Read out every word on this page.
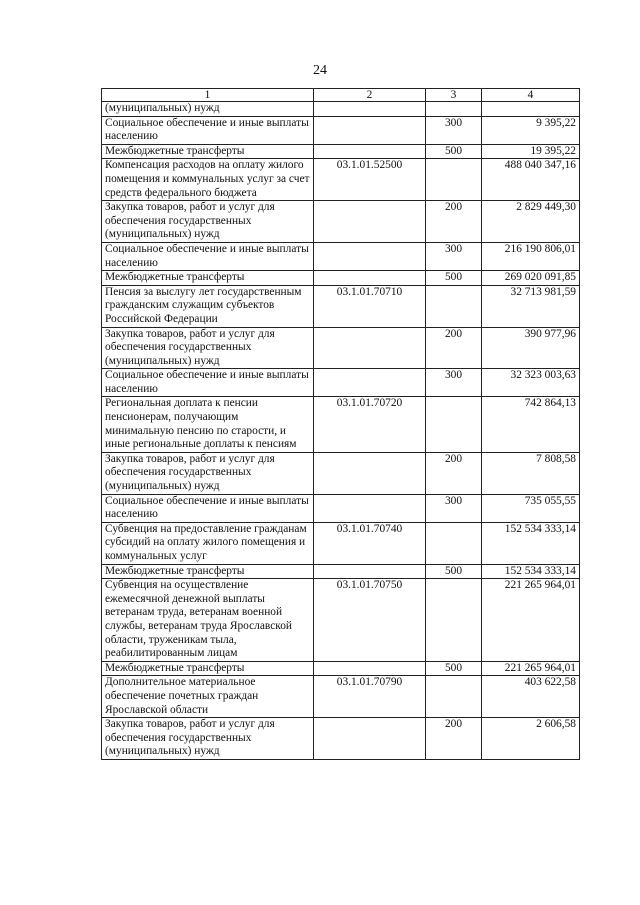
24
1	2	3	4
(муниципальных) нужд			
Социальное обеспечение и иные выплаты населению		300	9 395,22
Межбюджетные трансферты		500	19 395,22
Компенсация расходов на оплату жилого помещения и коммунальных услуг за счет средств федерального бюджета	03.1.01.52500		488 040 347,16
Закупка товаров, работ и услуг для обеспечения государственных (муниципальных) нужд		200	2 829 449,30
Социальное обеспечение и иные выплаты населению		300	216 190 806,01
Межбюджетные трансферты		500	269 020 091,85
Пенсия за выслугу лет государственным гражданским служащим субъектов Российской Федерации	03.1.01.70710		32 713 981,59
Закупка товаров, работ и услуг для обеспечения государственных (муниципальных) нужд		200	390 977,96
Социальное обеспечение и иные выплаты населению		300	32 323 003,63
Региональная доплата к пенсии пенсионерам, получающим минимальную пенсию по старости, и иные региональные доплаты к пенсиям	03.1.01.70720		742 864,13
Закупка товаров, работ и услуг для обеспечения государственных (муниципальных) нужд		200	7 808,58
Социальное обеспечение и иные выплаты населению		300	735 055,55
Субвенция на предоставление гражданам субсидий на оплату жилого помещения и коммунальных услуг	03.1.01.70740		152 534 333,14
Межбюджетные трансферты		500	152 534 333,14
Субвенция на осуществление ежемесячной денежной выплаты ветеранам труда, ветеранам военной службы, ветеранам труда Ярославской области, труженикам тыла, реабилитированным лицам	03.1.01.70750		221 265 964,01
Межбюджетные трансферты		500	221 265 964,01
Дополнительное материальное обеспечение почетных граждан Ярославской области	03.1.01.70790		403 622,58
Закупка товаров, работ и услуг для обеспечения государственных (муниципальных) нужд		200	2 606,58
